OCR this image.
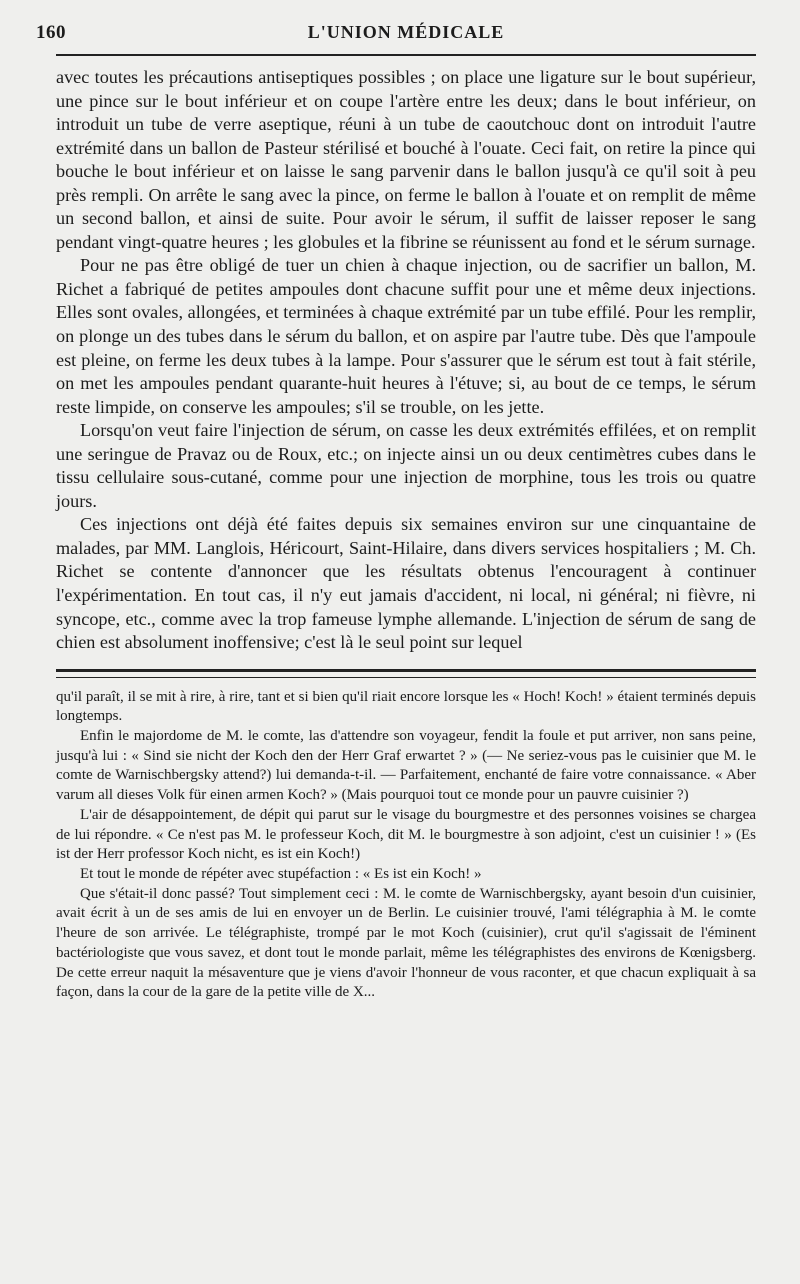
160	L'UNION MÉDICALE

avec toutes les précautions antiseptiques possibles ; on place une ligature sur le bout supérieur, une pince sur le bout inférieur et on coupe l'artère entre les deux; dans le bout inférieur, on introduit un tube de verre aseptique, réuni à un tube de caoutchouc dont on introduit l'autre extrémité dans un ballon de Pasteur stérilisé et bouché à l'ouate. Ceci fait, on retire la pince qui bouche le bout inférieur et on laisse le sang parvenir dans le ballon jusqu'à ce qu'il soit à peu près rempli. On arrête le sang avec la pince, on ferme le ballon à l'ouate et on remplit de même un second ballon, et ainsi de suite. Pour avoir le sérum, il suffit de laisser reposer le sang pendant vingt-quatre heures ; les globules et la fibrine se réunissent au fond et le sérum surnage.

Pour ne pas être obligé de tuer un chien à chaque injection, ou de sacrifier un ballon, M. Richet a fabriqué de petites ampoules dont chacune suffit pour une et même deux injections. Elles sont ovales, allongées, et terminées à chaque extrémité par un tube effilé. Pour les remplir, on plonge un des tubes dans le sérum du ballon, et on aspire par l'autre tube. Dès que l'ampoule est pleine, on ferme les deux tubes à la lampe. Pour s'assurer que le sérum est tout à fait stérile, on met les ampoules pendant quarante-huit heures à l'étuve; si, au bout de ce temps, le sérum reste limpide, on conserve les ampoules; s'il se trouble, on les jette.

Lorsqu'on veut faire l'injection de sérum, on casse les deux extrémités effilées, et on remplit une seringue de Pravaz ou de Roux, etc.; on injecte ainsi un ou deux centimètres cubes dans le tissu cellulaire sous-cutané, comme pour une injection de morphine, tous les trois ou quatre jours.

Ces injections ont déjà été faites depuis six semaines environ sur une cinquantaine de malades, par MM. Langlois, Héricourt, Saint-Hilaire, dans divers services hospitaliers ; M. Ch. Richet se contente d'annoncer que les résultats obtenus l'encouragent à continuer l'expérimentation. En tout cas, il n'y eut jamais d'accident, ni local, ni général; ni fièvre, ni syncope, etc., comme avec la trop fameuse lymphe allemande. L'injection de sérum de sang de chien est absolument inoffensive; c'est là le seul point sur lequel

qu'il paraît, il se mit à rire, à rire, tant et si bien qu'il riait encore lorsque les « Hoch! Koch! » étaient terminés depuis longtemps.

Enfin le majordome de M. le comte, las d'attendre son voyageur, fendit la foule et put arriver, non sans peine, jusqu'à lui : « Sind sie nicht der Koch den der Herr Graf erwartet ? » (— Ne seriez-vous pas le cuisinier que M. le comte de Warnischbergsky attend?) lui demanda-t-il. — Parfaitement, enchanté de faire votre connaissance. « Aber varum all dieses Volk für einen armen Koch? » (Mais pourquoi tout ce monde pour un pauvre cuisinier ?)

L'air de désappointement, de dépit qui parut sur le visage du bourgmestre et des personnes voisines se chargea de lui répondre. « Ce n'est pas M. le professeur Koch, dit M. le bourgmestre à son adjoint, c'est un cuisinier ! » (Es ist der Herr professor Koch nicht, es ist ein Koch!)

Et tout le monde de répéter avec stupéfaction : « Es ist ein Koch! »

Que s'était-il donc passé? Tout simplement ceci : M. le comte de Warnischbergsky, ayant besoin d'un cuisinier, avait écrit à un de ses amis de lui en envoyer un de Berlin. Le cuisinier trouvé, l'ami télégraphia à M. le comte l'heure de son arrivée. Le télégraphiste, trompé par le mot Koch (cuisinier), crut qu'il s'agissait de l'éminent bactériologiste que vous savez, et dont tout le monde parlait, même les télégraphistes des environs de Kœnigsberg. De cette erreur naquit la mésaventure que je viens d'avoir l'honneur de vous raconter, et que chacun expliquait à sa façon, dans la cour de la gare de la petite ville de X...
